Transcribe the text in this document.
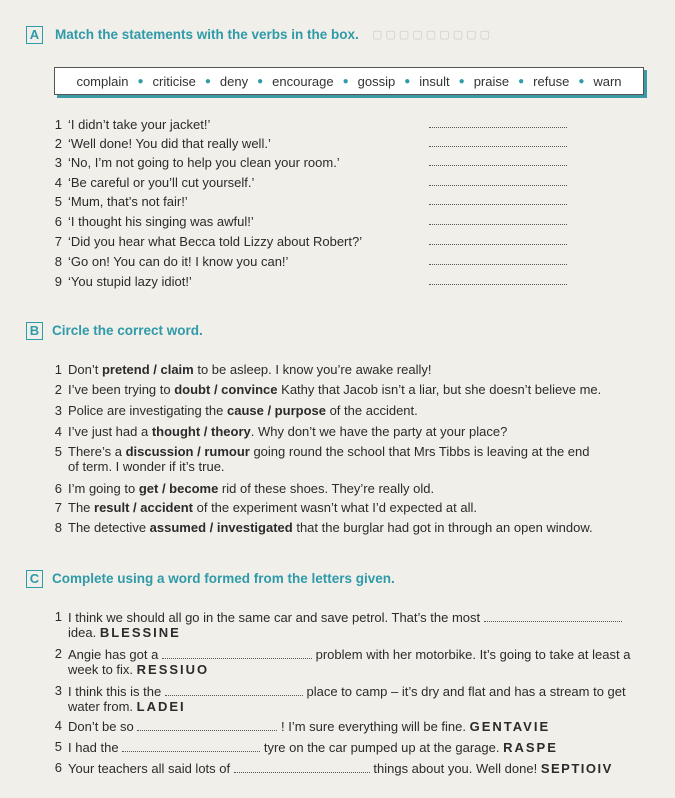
▢ ▢ ▢ ▢ ▢ ▢ ▢ ▢ ▢
A Match the statements with the verbs in the box.
complain ● criticise ● deny ● encourage ● gossip ● insult ● praise ● refuse ● warn
1 ‘I didn’t take your jacket!’
2 ‘Well done! You did that really well.’
3 ‘No, I’m not going to help you clean your room.’
4 ‘Be careful or you’ll cut yourself.’
5 ‘Mum, that’s not fair!’
6 ‘I thought his singing was awful!’
7 ‘Did you hear what Becca told Lizzy about Robert?’
8 ‘Go on! You can do it! I know you can!’
9 ‘You stupid lazy idiot!’
B Circle the correct word.
1 Don’t pretend / claim to be asleep. I know you’re awake really!
2 I’ve been trying to doubt / convince Kathy that Jacob isn’t a liar, but she doesn’t believe me.
3 Police are investigating the cause / purpose of the accident.
4 I’ve just had a thought / theory. Why don’t we have the party at your place?
5 There’s a discussion / rumour going round the school that Mrs Tibbs is leaving at the end
of term. I wonder if it’s true.
6 I’m going to get / become rid of these shoes. They’re really old.
7 The result / accident of the experiment wasn’t what I’d expected at all.
8 The detective assumed / investigated that the burglar had got in through an open window.
C Complete using a word formed from the letters given.
1 I think we should all go in the same car and save petrol. That’s the most
idea. BLESSINE
2 Angie has got a	problem with her motorbike. It’s going to take at least a
week to fix. RESSIUO
3 I think this is the	place to camp – it’s dry and flat and has a stream to get
water from. LADEI
4 Don’t be so	! I’m sure everything will be fine. GENTAVIE
5 I had the	tyre on the car pumped up at the garage. RASPE
6 Your teachers all said lots of	things about you. Well done! SEPTIOIV
